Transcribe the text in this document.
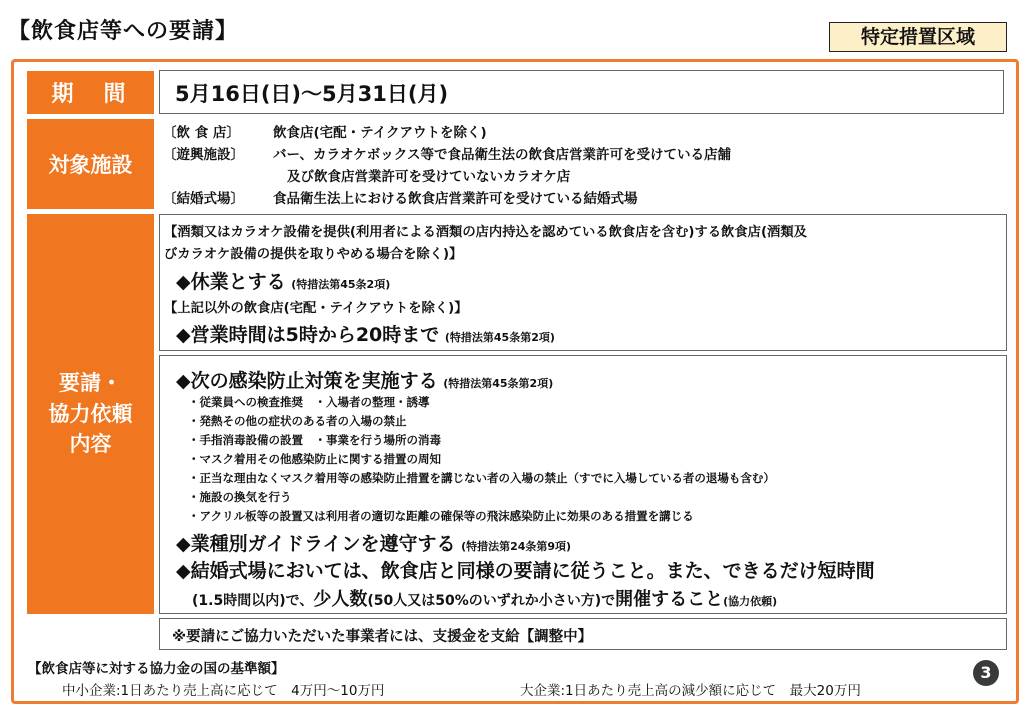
【飲食店等への要請】	特定措置区域
期　間	5月16日(日)～5月31日(月)
対象施設
〔飲 食 店〕 飲食店(宅配・テイクアウトを除く)
〔遊興施設〕 バー、カラオケボックス等で食品衛生法の飲食店営業許可を受けている店舗
及び飲食店営業許可を受けていないカラオケ店
〔結婚式場〕 食品衛生法上における飲食店営業許可を受けている結婚式場
要請・
協力依頼
内容
【酒類又はカラオケ設備を提供(利用者による酒類の店内持込を認めている飲食店を含む)する飲食店(酒類及
びカラオケ設備の提供を取りやめる場合を除く)】
◆休業とする (特措法第45条2項)
【上記以外の飲食店(宅配・テイクアウトを除く)】
◆営業時間は5時から20時まで (特措法第45条第2項)
◆次の感染防止対策を実施する (特措法第45条第2項)
・従業員への検査推奨　・入場者の整理・誘導
・発熱その他の症状のある者の入場の禁止
・手指消毒設備の設置　・事業を行う場所の消毒
・マスク着用その他感染防止に関する措置の周知
・正当な理由なくマスク着用等の感染防止措置を講じない者の入場の禁止（すでに入場している者の退場も含む）
・施設の換気を行う
・アクリル板等の設置又は利用者の適切な距離の確保等の飛沫感染防止に効果のある措置を講じる
◆業種別ガイドラインを遵守する (特措法第24条第9項)
◆結婚式場においては、飲食店と同様の要請に従うこと。また、できるだけ短時間
(1.5時間以内)で、少人数(50人又は50%のいずれか小さい方)で開催すること(協力依頼)
※要請にご協力いただいた事業者には、支援金を支給【調整中】
【飲食店等に対する協力金の国の基準額】
中小企業:1日あたり売上高に応じて　4万円～10万円	大企業:1日あたり売上高の減少額に応じて　最大20万円
3
